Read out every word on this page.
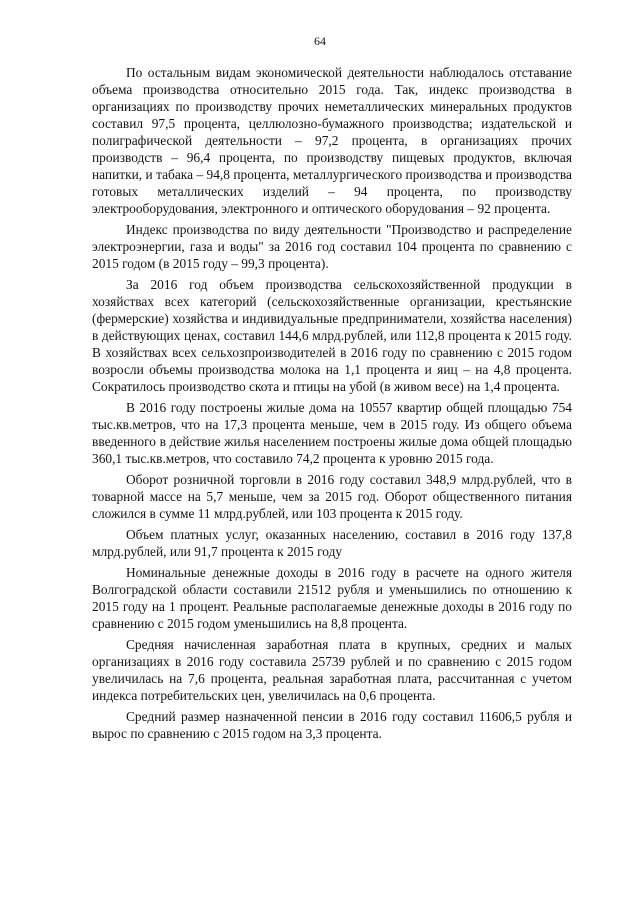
64

По остальным видам экономической деятельности наблюдалось отставание объема производства относительно 2015 года. Так, индекс производства в организациях по производству прочих неметаллических минеральных продуктов составил 97,5 процента, целлюлозно-бумажного производства; издательской и полиграфической деятельности – 97,2 процента, в организациях прочих производств – 96,4 процента, по производству пищевых продуктов, включая напитки, и табака – 94,8 процента, металлургического производства и производства готовых металлических изделий – 94 процента, по производству электрооборудования, электронного и оптического оборудования – 92 процента.

Индекс производства по виду деятельности "Производство и распределение электроэнергии, газа и воды" за 2016 год составил 104 процента по сравнению с 2015 годом (в 2015 году – 99,3 процента).

За 2016 год объем производства сельскохозяйственной продукции в хозяйствах всех категорий (сельскохозяйственные организации, крестьянские (фермерские) хозяйства и индивидуальные предприниматели, хозяйства населения) в действующих ценах, составил 144,6 млрд.рублей, или 112,8 процента к 2015 году. В хозяйствах всех сельхозпроизводителей в 2016 году по сравнению с 2015 годом возросли объемы производства молока на 1,1 процента и яиц – на 4,8 процента. Сократилось производство скота и птицы на убой (в живом весе) на 1,4 процента.

В 2016 году построены жилые дома на 10557 квартир общей площадью 754 тыс.кв.метров, что на 17,3 процента меньше, чем в 2015 году. Из общего объема введенного в действие жилья населением построены жилые дома общей площадью 360,1 тыс.кв.метров, что составило 74,2 процента к уровню 2015 года.

Оборот розничной торговли в 2016 году составил 348,9 млрд.рублей, что в товарной массе на 5,7 меньше, чем за 2015 год. Оборот общественного питания сложился в сумме 11 млрд.рублей, или 103 процента к 2015 году.

Объем платных услуг, оказанных населению, составил в 2016 году 137,8 млрд.рублей, или 91,7 процента к 2015 году

Номинальные денежные доходы в 2016 году в расчете на одного жителя Волгоградской области составили 21512 рубля и уменьшились по отношению к 2015 году на 1 процент. Реальные располагаемые денежные доходы в 2016 году по сравнению с 2015 годом уменьшились на 8,8 процента.

Средняя начисленная заработная плата в крупных, средних и малых организациях в 2016 году составила 25739 рублей и по сравнению с 2015 годом увеличилась на 7,6 процента, реальная заработная плата, рассчитанная с учетом индекса потребительских цен, увеличилась на 0,6 процента.

Средний размер назначенной пенсии в 2016 году составил 11606,5 рубля и вырос по сравнению с 2015 годом на 3,3 процента.
